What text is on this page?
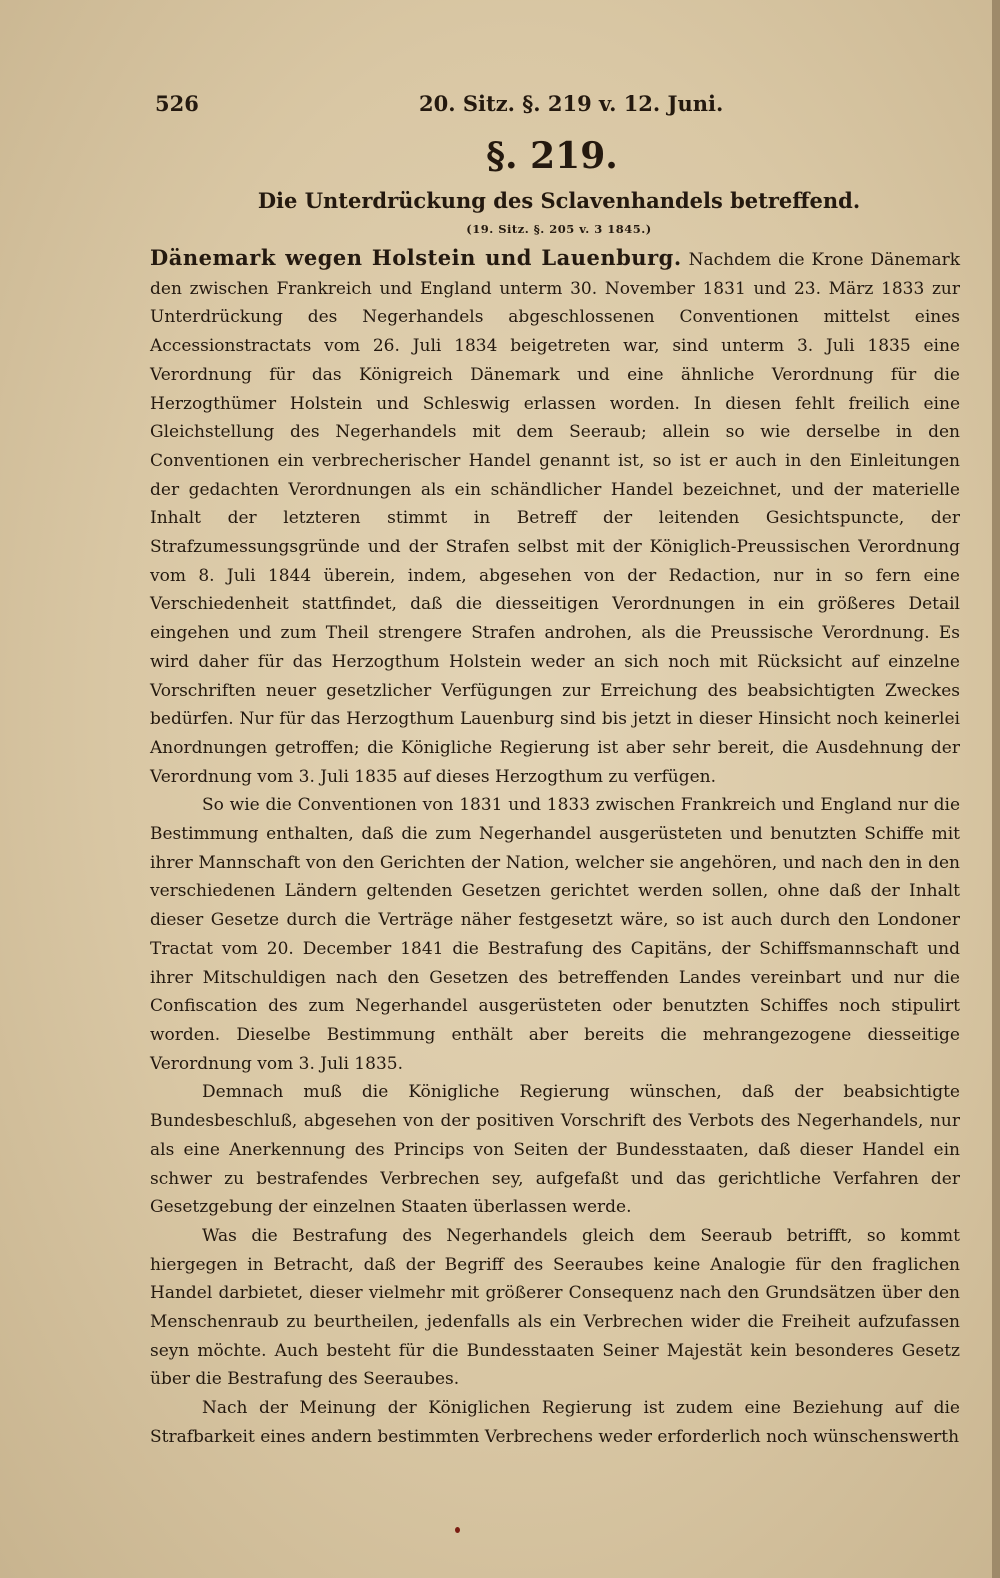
526	20. Sitz. §. 219 v. 12. Juni.
§. 219.
Die Unterdrückung des Sclavenhandels betreffend.
(19. Sitz. §. 205 v. 3 1845.)

Dänemark wegen Holstein und Lauenburg. Nachdem die Krone Dänemark den zwischen Frankreich und England unterm 30. November 1831 und 23. März 1833 zur Unterdrückung des Negerhandels abgeschlossenen Conventionen mittelst eines Accessionstractats vom 26. Juli 1834 beigetreten war, sind unterm 3. Juli 1835 eine Verordnung für das Königreich Dänemark und eine ähnliche Verordnung für die Herzogthümer Holstein und Schleswig erlassen worden. In diesen fehlt freilich eine Gleichstellung des Negerhandels mit dem Seeraub; allein so wie derselbe in den Conventionen ein verbrecherischer Handel genannt ist, so ist er auch in den Einleitungen der gedachten Verordnungen als ein schändlicher Handel bezeichnet, und der materielle Inhalt der letzteren stimmt in Betreff der leitenden Gesichtspuncte, der Strafzumessungsgründe und der Strafen selbst mit der Königlich-Preussischen Verordnung vom 8. Juli 1844 überein, indem, abgesehen von der Redaction, nur in so fern eine Verschiedenheit stattfindet, daß die diesseitigen Verordnungen in ein größeres Detail eingehen und zum Theil strengere Strafen androhen, als die Preussische Verordnung. Es wird daher für das Herzogthum Holstein weder an sich noch mit Rücksicht auf einzelne Vorschriften neuer gesetzlicher Verfügungen zur Erreichung des beabsichtigten Zweckes bedürfen. Nur für das Herzogthum Lauenburg sind bis jetzt in dieser Hinsicht noch keinerlei Anordnungen getroffen; die Königliche Regierung ist aber sehr bereit, die Ausdehnung der Verordnung vom 3. Juli 1835 auf dieses Herzogthum zu verfügen.

So wie die Conventionen von 1831 und 1833 zwischen Frankreich und England nur die Bestimmung enthalten, daß die zum Negerhandel ausgerüsteten und benutzten Schiffe mit ihrer Mannschaft von den Gerichten der Nation, welcher sie angehören, und nach den in den verschiedenen Ländern geltenden Gesetzen gerichtet werden sollen, ohne daß der Inhalt dieser Gesetze durch die Verträge näher festgesetzt wäre, so ist auch durch den Londoner Tractat vom 20. December 1841 die Bestrafung des Capitäns, der Schiffsmannschaft und ihrer Mitschuldigen nach den Gesetzen des betreffenden Landes vereinbart und nur die Confiscation des zum Negerhandel ausgerüsteten oder benutzten Schiffes noch stipulirt worden. Dieselbe Bestimmung enthält aber bereits die mehrangezogene diesseitige Verordnung vom 3. Juli 1835.

Demnach muß die Königliche Regierung wünschen, daß der beabsichtigte Bundesbeschluß, abgesehen von der positiven Vorschrift des Verbots des Negerhandels, nur als eine Anerkennung des Princips von Seiten der Bundesstaaten, daß dieser Handel ein schwer zu bestrafendes Verbrechen sey, aufgefaßt und das gerichtliche Verfahren der Gesetzgebung der einzelnen Staaten überlassen werde.

Was die Bestrafung des Negerhandels gleich dem Seeraub betrifft, so kommt hiergegen in Betracht, daß der Begriff des Seeraubes keine Analogie für den fraglichen Handel darbietet, dieser vielmehr mit größerer Consequenz nach den Grundsätzen über den Menschenraub zu beurtheilen, jedenfalls als ein Verbrechen wider die Freiheit aufzufassen seyn möchte. Auch besteht für die Bundesstaaten Seiner Majestät kein besonderes Gesetz über die Bestrafung des Seeraubes.

Nach der Meinung der Königlichen Regierung ist zudem eine Beziehung auf die Strafbarkeit eines andern bestimmten Verbrechens weder erforderlich noch wünschenswerth
